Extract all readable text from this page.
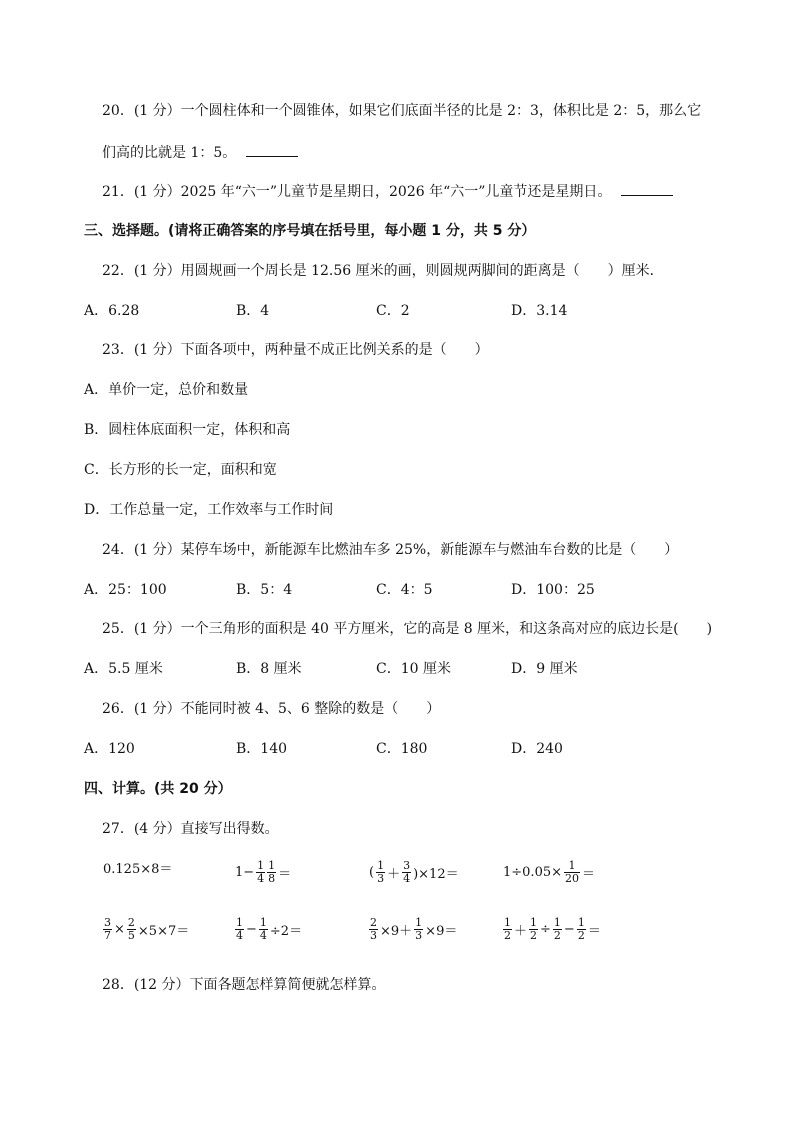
20．(1 分）一个圆柱体和一个圆锥体，如果它们底面半径的比是 2：3，体积比是 2：5，那么它
们高的比就是 1：5。
21．(1 分）2025 年“六一”儿童节是星期日，2026 年“六一”儿童节还是星期日。
三、选择题。(请将正确答案的序号填在括号里，每小题 1 分，共 5 分）
22．(1 分）用圆规画一个周长是 12.56 厘米的画，则圆规两脚间的距离是（　　）厘米．
A．6.28	B．4	C．2	D．3.14
23．(1 分）下面各项中，两种量不成正比例关系的是（　　）
A．单价一定，总价和数量
B．圆柱体底面积一定，体积和高
C．长方形的长一定，面积和宽
D．工作总量一定，工作效率与工作时间
24．(1 分）某停车场中，新能源车比燃油车多 25%，新能源车与燃油车台数的比是（　　）
A．25：100	B．5：4	C．4：5	D．100：25
25．(1 分）一个三角形的面积是 40 平方厘米，它的高是 8 厘米，和这条高对应的底边长是(　　)
A．5.5 厘米	B．8 厘米	C．10 厘米	D．9 厘米
26．(1 分）不能同时被 4、5、6 整除的数是（　　）
A．120	B．140	C．180	D．240
四、计算。(共 20 分）
27．(4 分）直接写出得数。
0.125×8＝	$1- \frac{1}{4} \frac{1}{8}$ ＝	( $\frac{1}{3} + \frac{3}{4} )\times 12=$	$1\div 0.05\times \frac{1}{20}$ ＝
$\frac{3}{7} \times \frac{2}{5} \times 5\times 7=$	$\frac{1}{4} - \frac{1}{4} \div 2=$	$\frac{2}{3} \times 9+ \frac{1}{3} \times 9=$	$\frac{1}{2} + \frac{1}{2} \div \frac{1}{2} - \frac{1}{2}$ ＝
28．(12 分）下面各题怎样算简便就怎样算。
